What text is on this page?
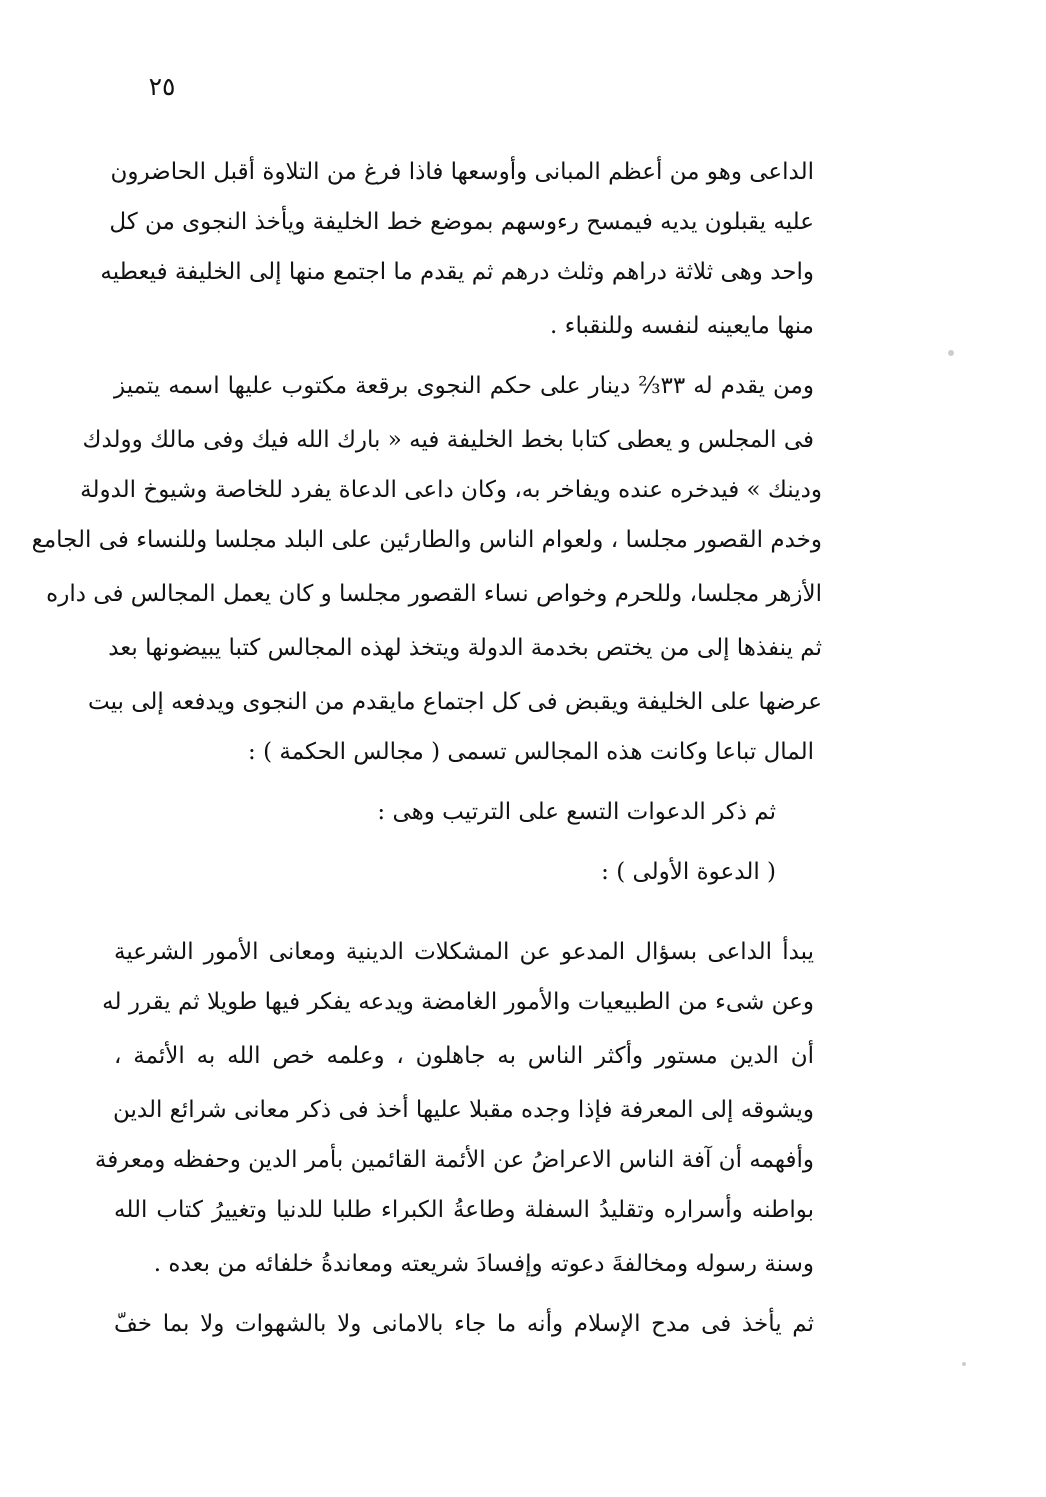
٢٥
الداعى وهو من أعظم المبانى وأوسعها فاذا فرغ من التلاوة أقبل الحاضرون
عليه يقبلون يديه فيمسح رءوسهم بموضع خط الخليفة ويأخذ النجوى من كل
واحد وهى ثلاثة دراهم وثلث درهم ثم يقدم ما اجتمع منها إلى الخليفة فيعطيه
منها مايعينه لنفسه وللنقباء .
ومن يقدم له ٣٣⅔ دينار على حكم النجوى برقعة مكتوب عليها اسمه يتميز
فى المجلس و يعطى كتابا بخط الخليفة فيه « بارك الله فيك وفى مالك وولدك
ودينك » فيدخره عنده ويفاخر به، وكان داعى الدعاة يفرد للخاصة وشيوخ الدولة
وخدم القصور مجلسا ، ولعوام الناس والطارئين على البلد مجلسا وللنساء فى الجامع
الأزهر مجلسا، وللحرم وخواص نساء القصور مجلسا و كان يعمل المجالس فى داره
ثم ينفذها إلى من يختص بخدمة الدولة ويتخذ لهذه المجالس كتبا يبيضونها بعد
عرضها على الخليفة ويقبض فى كل اجتماع مايقدم من النجوى ويدفعه إلى بيت
المال تباعا وكانت هذه المجالس تسمى ( مجالس الحكمة ) :
ثم ذكر الدعوات التسع على الترتيب وهى :
( الدعوة الأولى ) :
يبدأ الداعى بسؤال المدعو عن المشكلات الدينية ومعانى الأمور الشرعية
وعن شىء من الطبيعيات والأمور الغامضة ويدعه يفكر فيها طويلا ثم يقرر له
أن الدين مستور وأكثر الناس به جاهلون ، وعلمه خص الله به الأئمة ،
ويشوقه إلى المعرفة فإذا وجده مقبلا عليها أخذ فى ذكر معانى شرائع الدين
وأفهمه أن آفة الناس الاعراضُ عن الأئمة القائمين بأمر الدين وحفظه ومعرفة
بواطنه وأسراره وتقليدُ السفلة وطاعةُ الكبراء طلبا للدنيا وتغييرُ كتاب الله
وسنة رسوله ومخالفةَ دعوته وإفسادَ شريعته ومعاندةُ خلفائه من بعده .
ثم يأخذ فى مدح الإسلام وأنه ما جاء بالامانى ولا بالشهوات ولا بما خفّ
